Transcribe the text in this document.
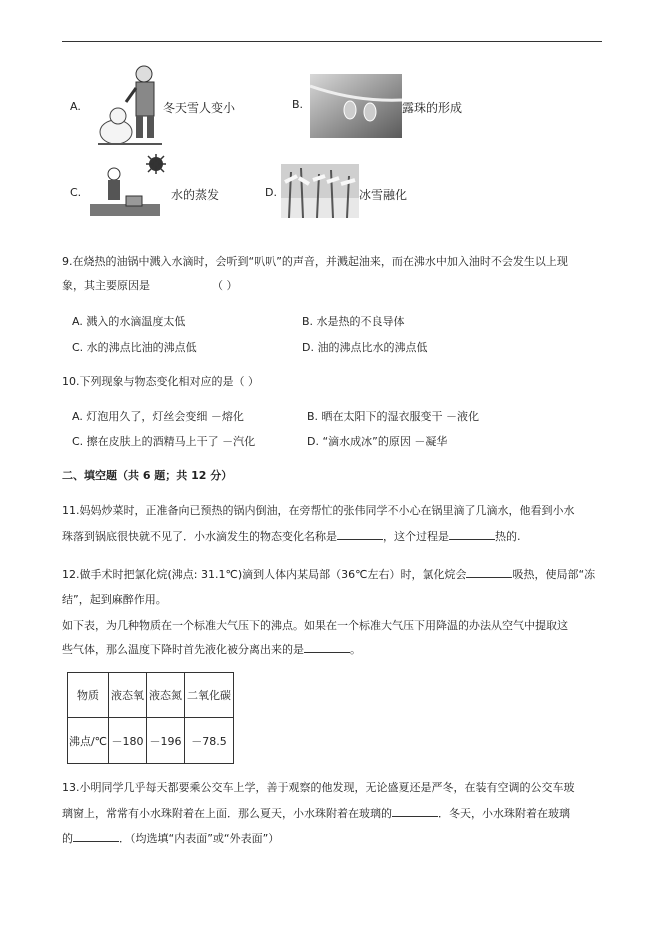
A.	冬天雪人变小	B.	露珠的形成
C.	水的蒸发	D.	冰雪融化
9.在烧热的油锅中溅入水滴时，会听到“叭叭”的声音，并溅起油来，而在沸水中加入油时不会发生以上现
象，其主要原因是	（ ）
A. 溅入的水滴温度太低	B. 水是热的不良导体
C. 水的沸点比油的沸点低	D. 油的沸点比水的沸点低
10.下列现象与物态变化相对应的是（ ）
A. 灯泡用久了，灯丝会变细 －熔化	B. 晒在太阳下的湿衣服变干 －液化
C. 擦在皮肤上的酒精马上干了 －汽化	D. “滴水成冰”的原因 －凝华
二、填空题（共 6 题；共 12 分）
11.妈妈炒菜时，正准备向已预热的锅内倒油，在旁帮忙的张伟同学不小心在锅里滴了几滴水，他看到小水
珠落到锅底很快就不见了．小水滴发生的物态变化名称是	，这个过程是	热的.
12.做手术时把氯化烷(沸点: 31.1℃)滴到人体内某局部（36℃左右）时，氯化烷会	吸热，使局部“冻
结”，起到麻醉作用。
如下表，为几种物质在一个标准大气压下的沸点。如果在一个标准大气压下用降温的办法从空气中提取这
些气体，那么温度下降时首先液化被分离出来的是	。
物质	液态氧	液态氮	二氧化碳
沸点/℃	－180	－196	－78.5
13.小明同学几乎每天都要乘公交车上学，善于观察的他发现，无论盛夏还是严冬，在装有空调的公交车玻
璃窗上，常常有小水珠附着在上面．那么夏天，小水珠附着在玻璃的	．冬天，小水珠附着在玻璃
的	．（均选填“内表面”或“外表面”）
